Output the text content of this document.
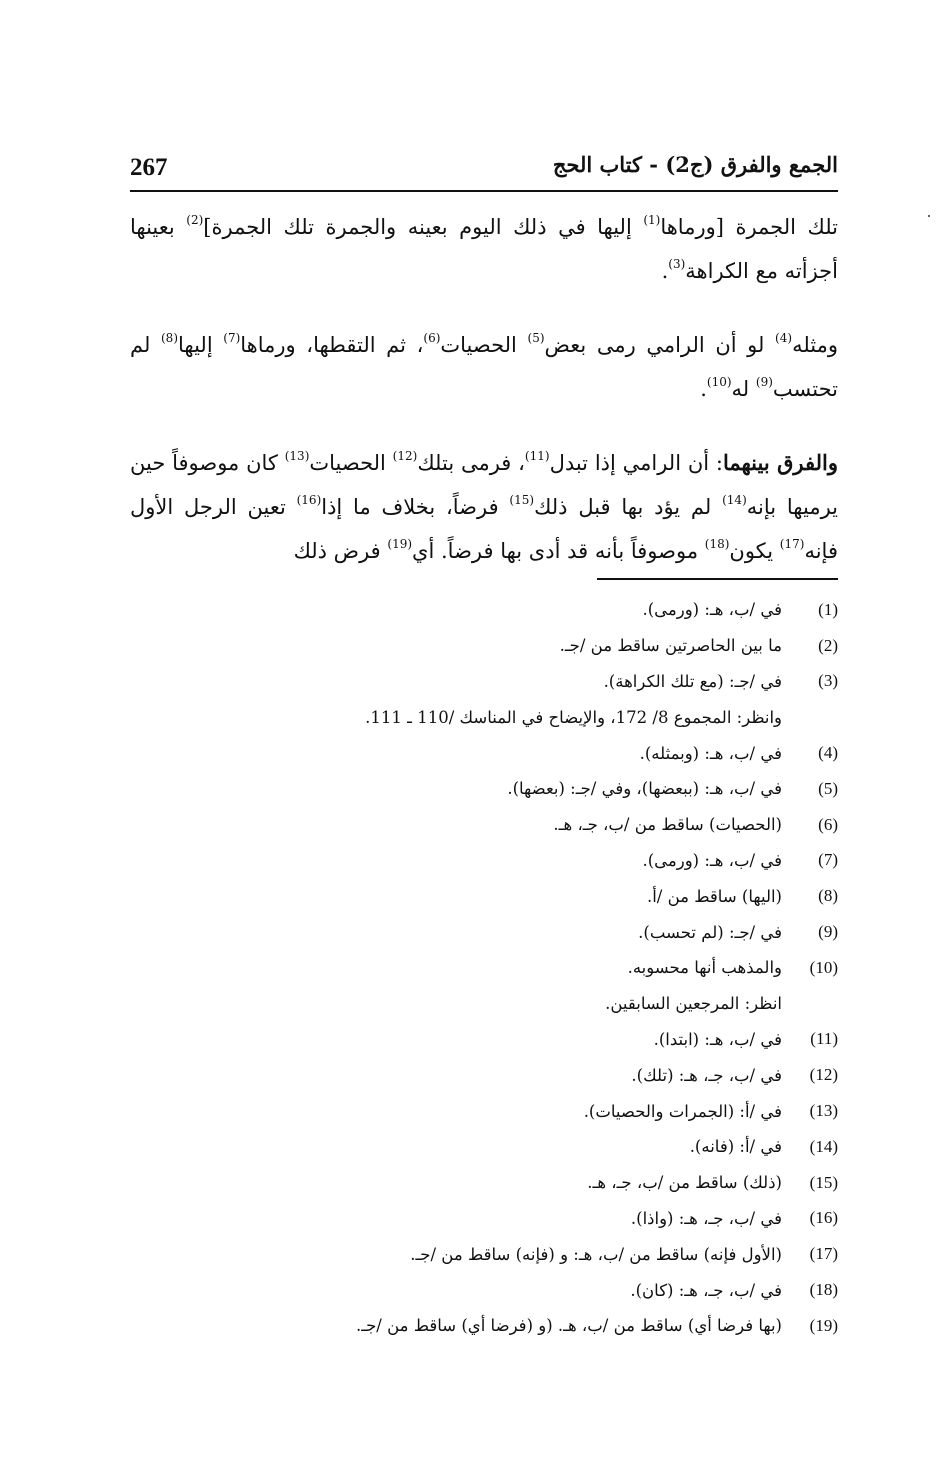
267	الجمع والفرق (ج2) - كتاب الحج

تلك الجمرة [ورماها$^{(1)}$ إليها في ذلك اليوم بعينه والجمرة تلك الجمرة]$^{(2)}$ بعينها أجزأته مع الكراهة$^{(3)}$.

ومثله$^{(4)}$ لو أن الرامي رمى بعض$^{(5)}$ الحصيات$^{(6)}$، ثم التقطها، ورماها$^{(7)}$ إليها$^{(8)}$ لم تحتسب$^{(9)}$ له$^{(10)}$.

والفرق بينهما: أن الرامي إذا تبدل$^{(11)}$، فرمى بتلك$^{(12)}$ الحصيات$^{(13)}$ كان موصوفاً حين يرميها بإنه$^{(14)}$ لم يؤد بها قبل ذلك$^{(15)}$ فرضاً، بخلاف ما إذا$^{(16)}$ تعين الرجل الأول فإنه$^{(17)}$ يكون$^{(18)}$ موصوفاً بأنه قد أدى بها فرضاً. أي$^{(19)}$ فرض ذلك

(1)
في /ب، هـ: (ورمى).
(2)
ما بين الحاصرتين ساقط من /جـ.
(3)
في /جـ: (مع تلك الكراهة).
وانظر: المجموع 8/ 172، والإيضاح في المناسك /110 ـ 111.
(4)
في /ب، هـ: (وبمثله).
(5)
في /ب، هـ: (ببعضها)، وفي /جـ: (بعضها).
(6)
(الحصيات) ساقط من /ب، جـ، هـ.
(7)
في /ب، هـ: (ورمى).
(8)
(اليها) ساقط من /أ.
(9)
في /جـ: (لم تحسب).
(10)
والمذهب أنها محسوبه.
انظر: المرجعين السابقين.
(11)
في /ب، هـ: (ابتدا).
(12)
في /ب، جـ، هـ: (تلك).
(13)
في /أ: (الجمرات والحصيات).
(14)
في /أ: (فانه).
(15)
(ذلك) ساقط من /ب، جـ، هـ.
(16)
في /ب، جـ، هـ: (واذا).
(17)
(الأول فإنه) ساقط من /ب، هـ: و (فإنه) ساقط من /جـ.
(18)
في /ب، جـ، هـ: (كان).
(19)
(بها فرضا أي) ساقط من /ب، هـ. (و (فرضا أي) ساقط من /جـ.
